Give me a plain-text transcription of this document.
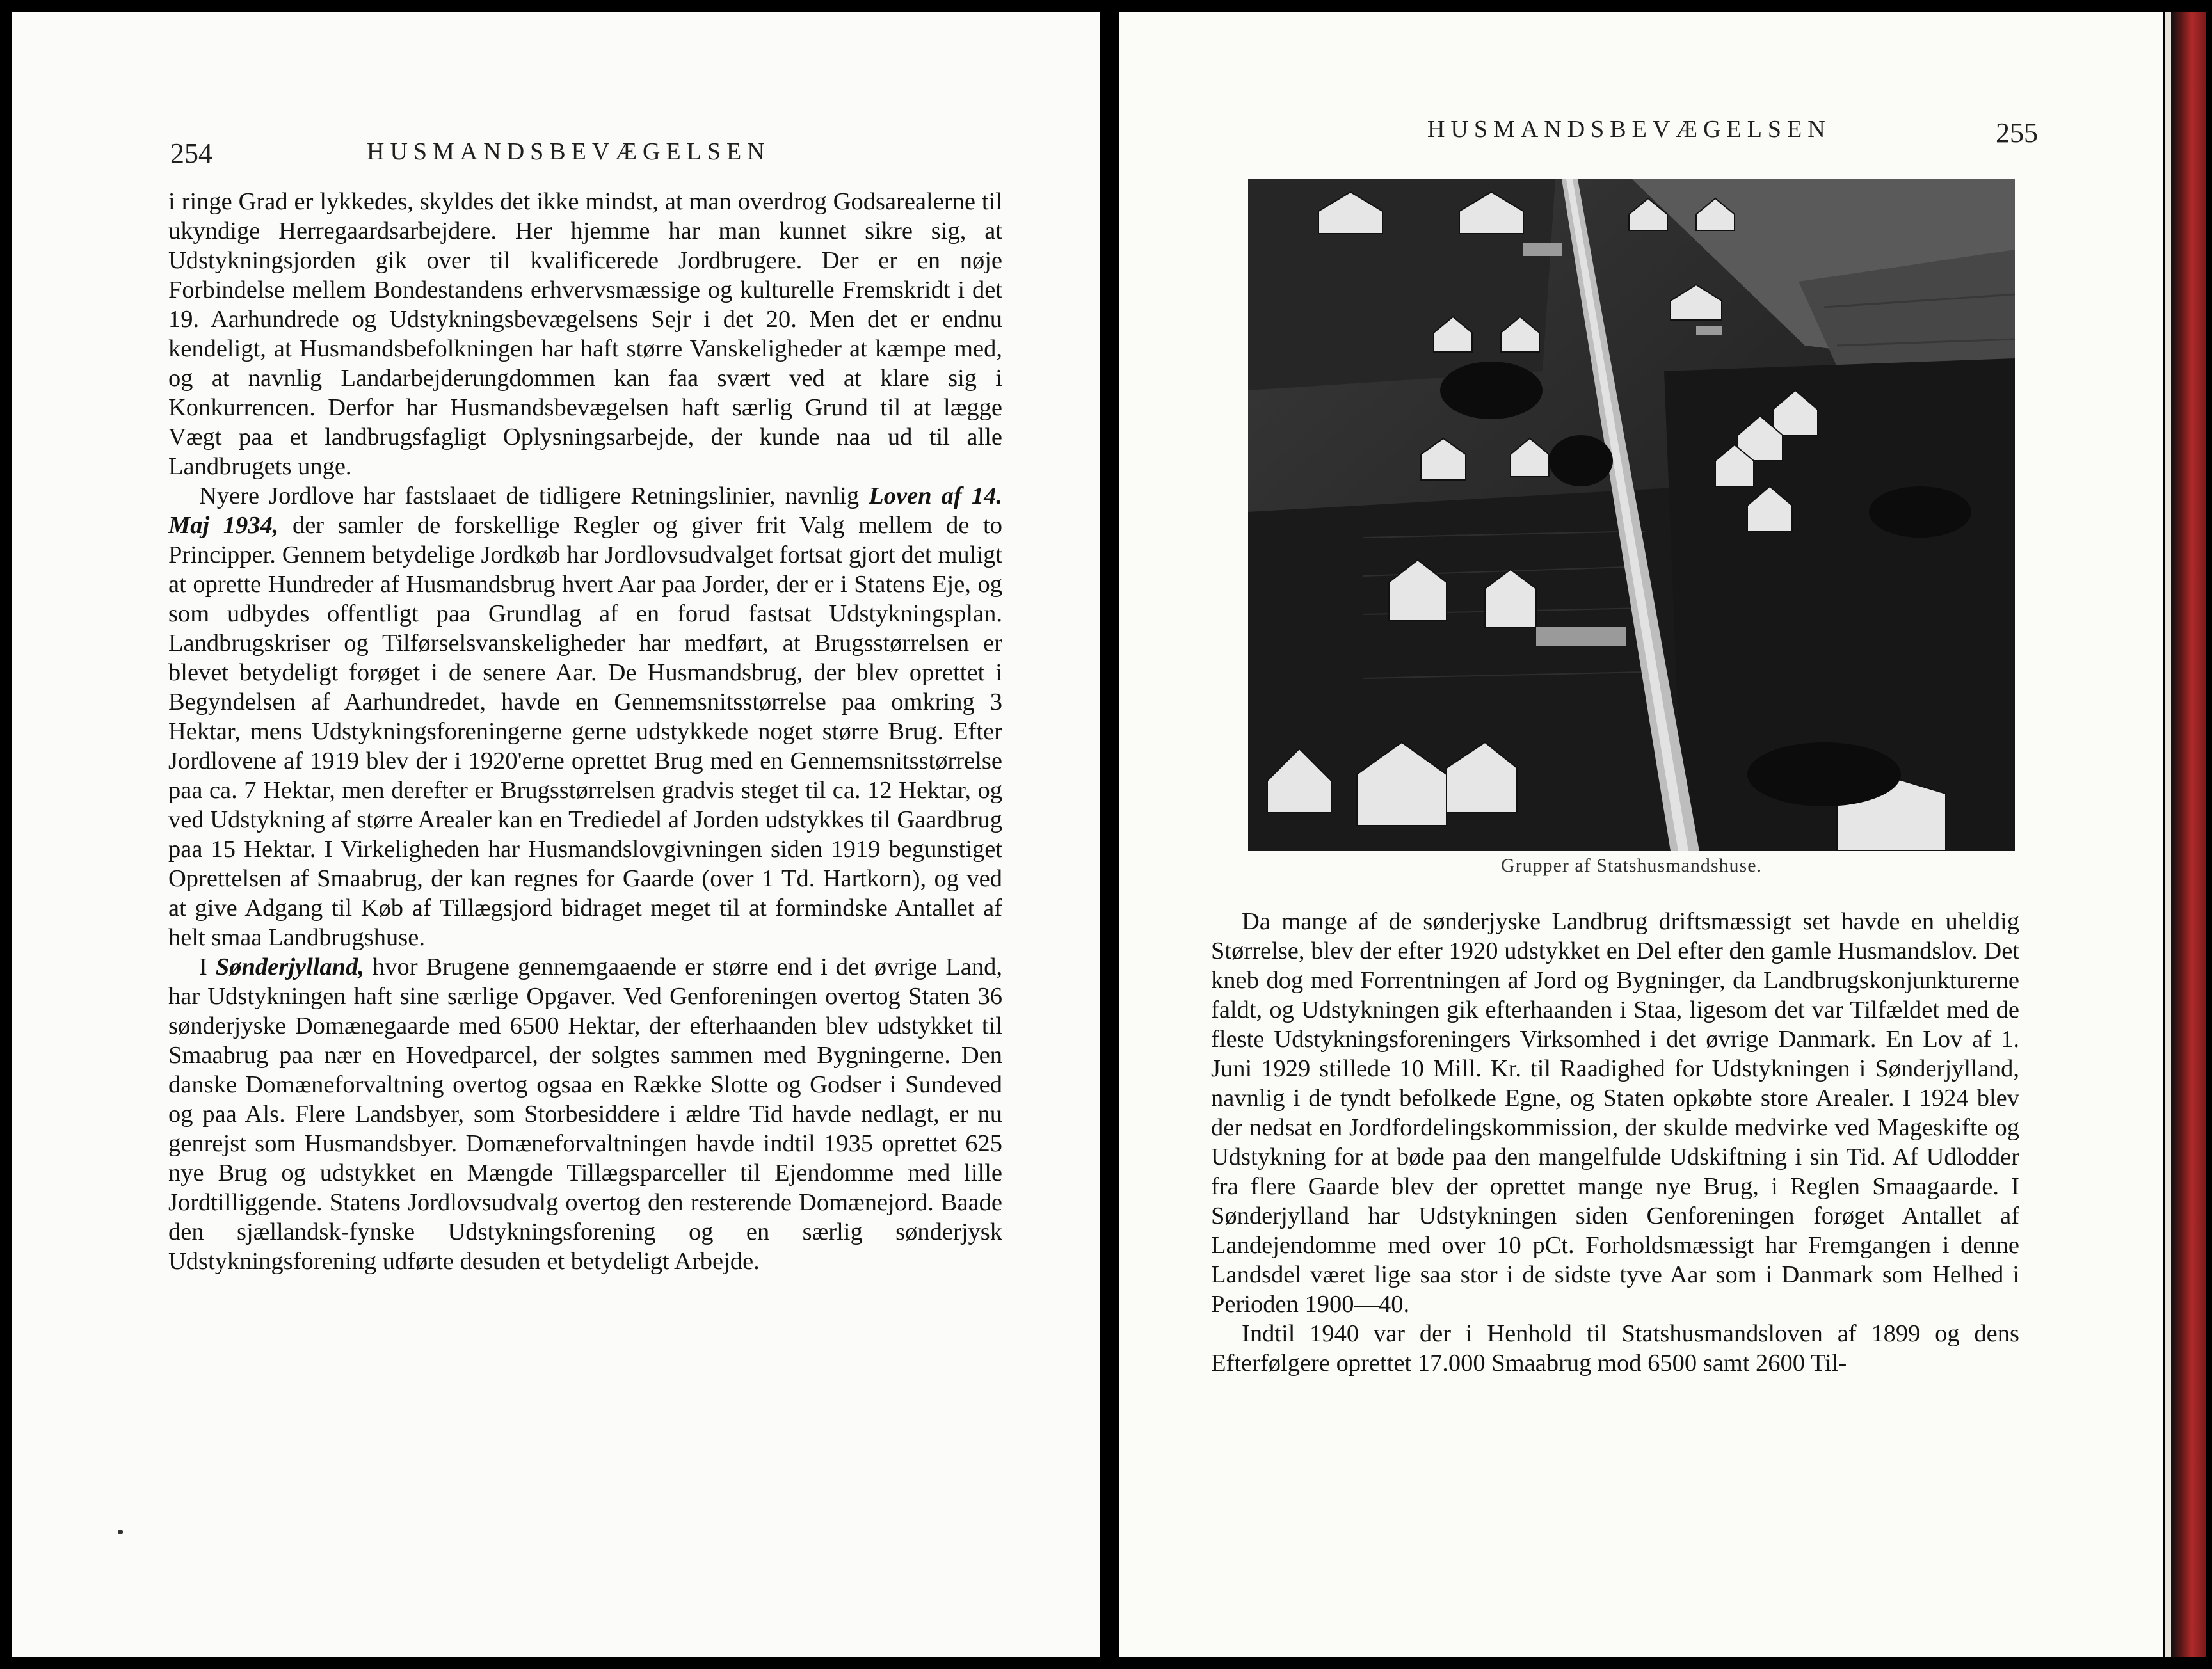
254	HUSMANDSBEVÆGELSEN

i ringe Grad er lykkedes, skyldes det ikke mindst, at man overdrog Godsarealerne til ukyndige Herregaardsarbejdere. Her hjemme har man kunnet sikre sig, at Udstykningsjorden gik over til kvalificerede Jordbrugere. Der er en nøje Forbindelse mellem Bondestandens erhvervsmæssige og kulturelle Fremskridt i det 19. Aarhundrede og Udstykningsbevægelsens Sejr i det 20. Men det er endnu kendeligt, at Husmandsbefolkningen har haft større Vanskeligheder at kæmpe med, og at navnlig Landarbejderungdommen kan faa svært ved at klare sig i Konkurrencen. Derfor har Husmandsbevægelsen haft særlig Grund til at lægge Vægt paa et landbrugsfagligt Oplysningsarbejde, der kunde naa ud til alle Landbrugets unge.

Nyere Jordlove har fastslaaet de tidligere Retningslinier, navnlig Loven af 14. Maj 1934, der samler de forskellige Regler og giver frit Valg mellem de to Principper. Gennem betydelige Jordkøb har Jordlovsudvalget fortsat gjort det muligt at oprette Hundreder af Husmandsbrug hvert Aar paa Jorder, der er i Statens Eje, og som udbydes offentligt paa Grundlag af en forud fastsat Udstykningsplan. Landbrugskriser og Tilførselsvanskeligheder har medført, at Brugsstørrelsen er blevet betydeligt forøget i de senere Aar. De Husmandsbrug, der blev oprettet i Begyndelsen af Aarhundredet, havde en Gennemsnitsstørrelse paa omkring 3 Hektar, mens Udstykningsforeningerne gerne udstykkede noget større Brug. Efter Jordlovene af 1919 blev der i 1920'erne oprettet Brug med en Gennemsnitsstørrelse paa ca. 7 Hektar, men derefter er Brugsstørrelsen gradvis steget til ca. 12 Hektar, og ved Udstykning af større Arealer kan en Trediedel af Jorden udstykkes til Gaardbrug paa 15 Hektar. I Virkeligheden har Husmandslovgivningen siden 1919 begunstiget Oprettelsen af Smaabrug, der kan regnes for Gaarde (over 1 Td. Hartkorn), og ved at give Adgang til Køb af Tillægsjord bidraget meget til at formindske Antallet af helt smaa Landbrugshuse.

I Sønderjylland, hvor Brugene gennemgaaende er større end i det øvrige Land, har Udstykningen haft sine særlige Opgaver. Ved Genforeningen overtog Staten 36 sønderjyske Domænegaarde med 6500 Hektar, der efterhaanden blev udstykket til Smaabrug paa nær en Hovedparcel, der solgtes sammen med Bygningerne. Den danske Domæneforvaltning overtog ogsaa en Række Slotte og Godser i Sundeved og paa Als. Flere Landsbyer, som Storbesiddere i ældre Tid havde nedlagt, er nu genrejst som Husmandsbyer. Domæneforvaltningen havde indtil 1935 oprettet 625 nye Brug og udstykket en Mængde Tillægsparceller til Ejendomme med lille Jordtilliggende. Statens Jordlovsudvalg overtog den resterende Domænejord. Baade den sjællandsk-fynske Udstykningsforening og en særlig sønderjysk Udstykningsforening udførte desuden et betydeligt Arbejde.

HUSMANDSBEVÆGELSEN	255
Grupper af Statshusmandshuse.

Da mange af de sønderjyske Landbrug driftsmæssigt set havde en uheldig Størrelse, blev der efter 1920 udstykket en Del efter den gamle Husmandslov. Det kneb dog med Forrentningen af Jord og Bygninger, da Landbrugskonjunkturerne faldt, og Udstykningen gik efterhaanden i Staa, ligesom det var Tilfældet med de fleste Udstykningsforeningers Virksomhed i det øvrige Danmark. En Lov af 1. Juni 1929 stillede 10 Mill. Kr. til Raadighed for Udstykningen i Sønderjylland, navnlig i de tyndt befolkede Egne, og Staten opkøbte store Arealer. I 1924 blev der nedsat en Jordfordelingskommission, der skulde medvirke ved Mageskifte og Udstykning for at bøde paa den mangelfulde Udskiftning i sin Tid. Af Udlodder fra flere Gaarde blev der oprettet mange nye Brug, i Reglen Smaagaarde. I Sønderjylland har Udstykningen siden Genforeningen forøget Antallet af Landejendomme med over 10 pCt. Forholdsmæssigt har Fremgangen i denne Landsdel været lige saa stor i de sidste tyve Aar som i Danmark som Helhed i Perioden 1900—40.

Indtil 1940 var der i Henhold til Statshusmandsloven af 1899 og dens Efterfølgere oprettet 17.000 Smaabrug mod 6500 samt 2600 Til-
